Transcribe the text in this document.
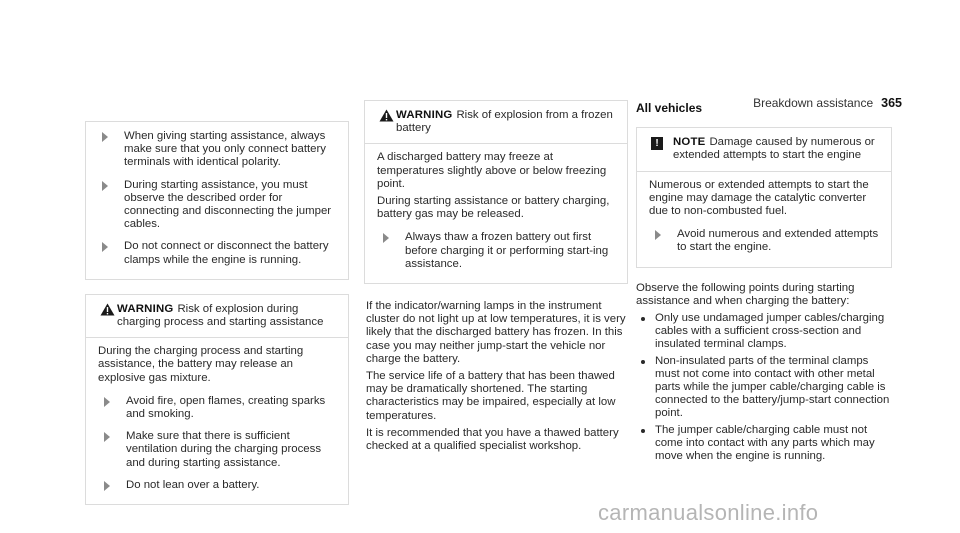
Breakdown assistance 365
When giving starting assistance, always make sure that you only connect battery terminals with identical polarity.
During starting assistance, you must observe the described order for connecting and disconnecting the jumper cables.
Do not connect or disconnect the battery clamps while the engine is running.
WARNING Risk of explosion during charging process and starting assistance

During the charging process and starting assistance, the battery may release an explosive gas mixture.

Avoid fire, open flames, creating sparks and smoking.
Make sure that there is sufficient ventilation during the charging process and during starting assistance.
Do not lean over a battery.
WARNING Risk of explosion from a frozen battery

A discharged battery may freeze at temperatures slightly above or below freezing point.

During starting assistance or battery charging, battery gas may be released.

Always thaw a frozen battery out first before charging it or performing start-ing assistance.

If the indicator/warning lamps in the instrument cluster do not light up at low temperatures, it is very likely that the discharged battery has frozen. In this case you may neither jump-start the vehicle nor charge the battery.

The service life of a battery that has been thawed may be dramatically shortened. The starting characteristics may be impaired, especially at low temperatures.

It is recommended that you have a thawed battery checked at a qualified specialist workshop.

All vehicles
!	NOTE Damage caused by numerous or extended attempts to start the engine

Numerous or extended attempts to start the engine may damage the catalytic converter due to non-combusted fuel.

Avoid numerous and extended attempts to start the engine.

Observe the following points during starting assistance and when charging the battery:

Only use undamaged jumper cables/charging cables with a sufficient cross-section and insulated terminal clamps.
Non-insulated parts of the terminal clamps must not come into contact with other metal parts while the jumper cable/charging cable is connected to the battery/jump-start connection point.
The jumper cable/charging cable must not come into contact with any parts which may move when the engine is running.
carmanualsonline.info
